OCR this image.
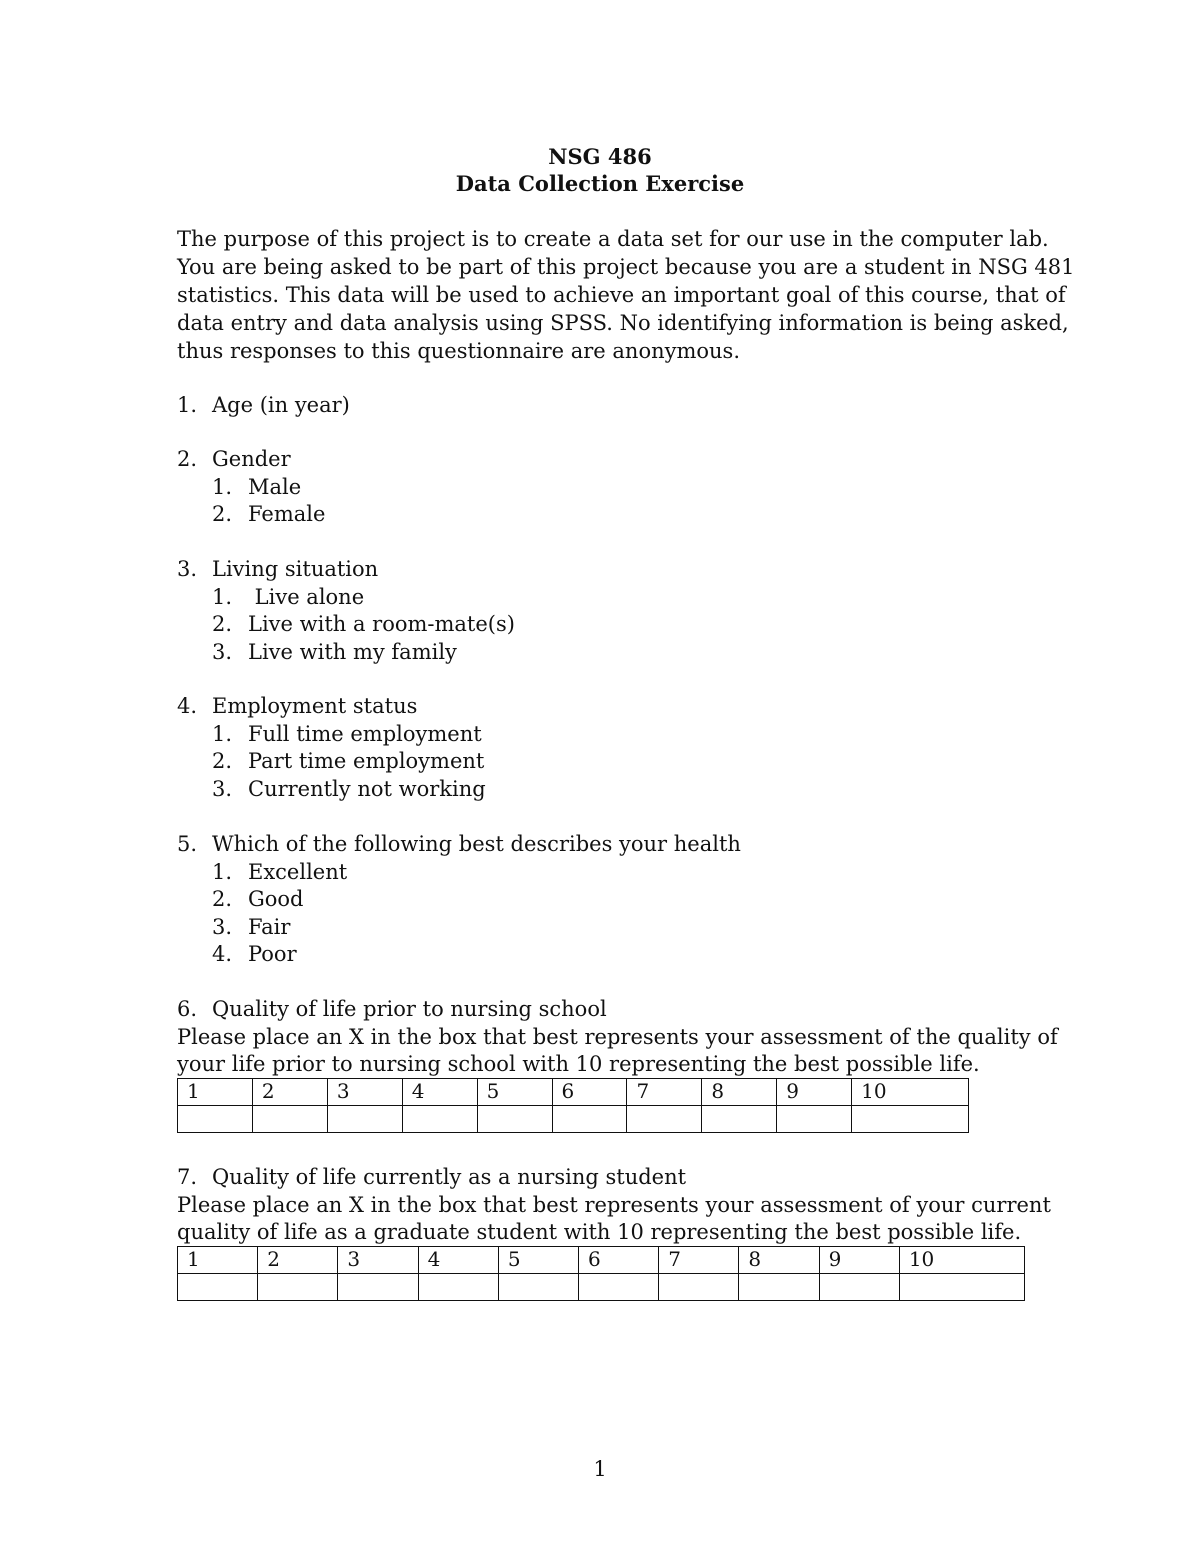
NSG 486
Data Collection Exercise

The purpose of this project is to create a data set for our use in the computer lab.
You are being asked to be part of this project because you are a student in NSG 481
statistics. This data will be used to achieve an important goal of this course, that of
data entry and data analysis using SPSS. No identifying information is being asked,
thus responses to this questionnaire are anonymous.

1. Age (in year)
2. Gender
1. Male
2. Female
3. Living situation
1. Live alone
2. Live with a room-mate(s)
3. Live with my family
4. Employment status
1. Full time employment
2. Part time employment
3. Currently not working
5. Which of the following best describes your health
1. Excellent
2. Good
3. Fair
4. Poor
6. Quality of life prior to nursing school
Please place an X in the box that best represents your assessment of the quality of
your life prior to nursing school with 10 representing the best possible life.
1	2	3	4	5	6	7	8	9	10

7. Quality of life currently as a nursing student
Please place an X in the box that best represents your assessment of your current
quality of life as a graduate student with 10 representing the best possible life.
1	2	3	4	5	6	7	8	9	10

1
